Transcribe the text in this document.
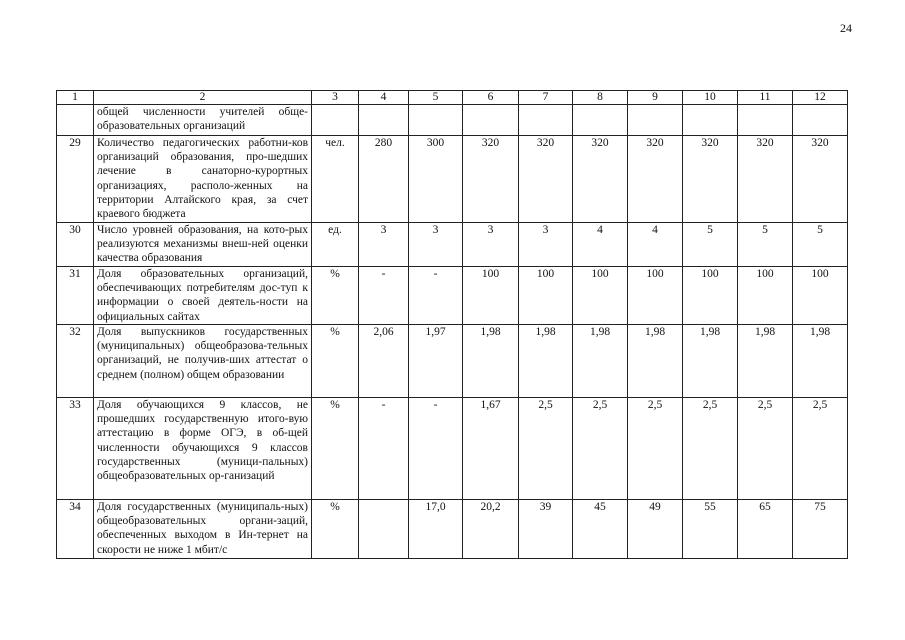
24
1	2	3	4	5	6	7	8	9	10	11	12
	общей численности учителей обще-образовательных организаций										
29	Количество педагогических работни-ков организаций образования, про-шедших лечение в санаторно-курортных организациях, располо-женных на территории Алтайского края, за счет краевого бюджета	чел.	280	300	320	320	320	320	320	320	320
30	Число уровней образования, на кото-рых реализуются механизмы внеш-ней оценки качества образования	ед.	3	3	3	3	4	4	5	5	5
31	Доля образовательных организаций, обеспечивающих потребителям дос-туп к информации о своей деятель-ности на официальных сайтах	%	-	-	100	100	100	100	100	100	100
32	Доля выпускников государственных (муниципальных) общеобразова-тельных организаций, не получив-ших аттестат о среднем (полном) общем образовании	%	2,06	1,97	1,98	1,98	1,98	1,98	1,98	1,98	1,98
33	Доля обучающихся 9 классов, не прошедших государственную итого-вую аттестацию в форме ОГЭ, в об-щей численности обучающихся 9 классов государственных (муници-пальных) общеобразовательных ор-ганизаций	%	-	-	1,67	2,5	2,5	2,5	2,5	2,5	2,5
34	Доля государственных (муниципаль-ных) общеобразовательных органи-заций, обеспеченных выходом в Ин-тернет на скорости не ниже 1 мбит/с	%		17,0	20,2	39	45	49	55	65	75
